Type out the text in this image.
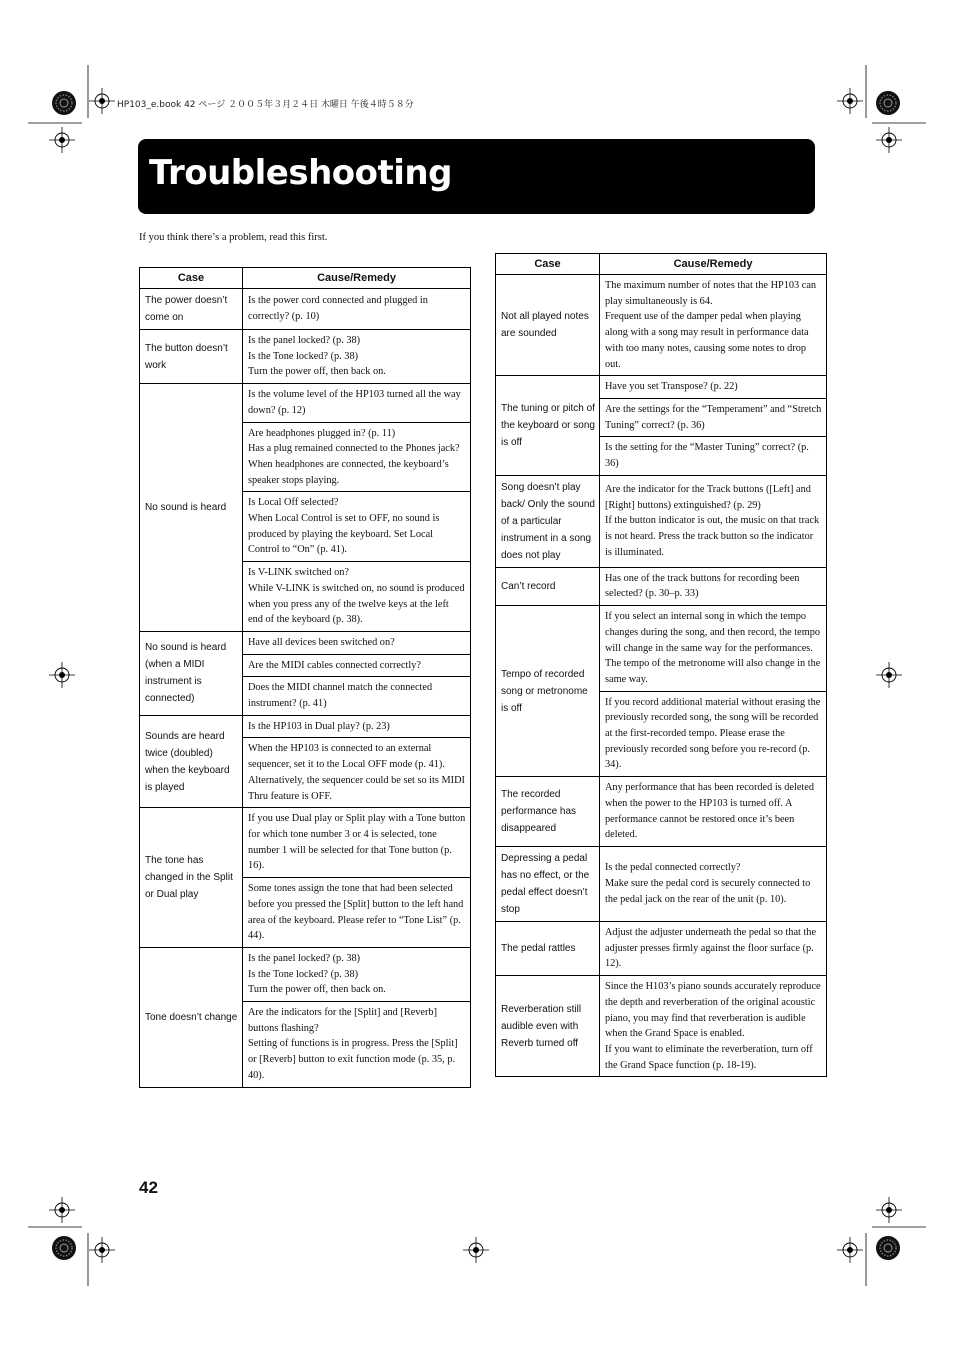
HP103_e.book 42 ページ ２００５年３月２４日 木曜日 午後４時５８分
Troubleshooting
If you think there’s a problem, read this first.
Case	Cause/Remedy
The power doesn’t come on	Is the power cord connected and plugged in correctly? (p. 10)
The button doesn’t work	Is the panel locked? (p. 38)
Is the Tone locked? (p. 38)
Turn the power off, then back on.
No sound is heard	Is the volume level of the HP103 turned all the way down? (p. 12)
	Are headphones plugged in? (p. 11)
Has a plug remained connected to the Phones jack?
When headphones are connected, the keyboard’s speaker stops playing.
	Is Local Off selected?
When Local Control is set to OFF, no sound is produced by playing the keyboard. Set Local Control to “On” (p. 41).
	Is V-LINK switched on?
While V-LINK is switched on, no sound is produced when you press any of the twelve keys at the left end of the keyboard (p. 38).
No sound is heard (when a MIDI instrument is connected)	Have all devices been switched on?
	Are the MIDI cables connected correctly?
	Does the MIDI channel match the connected instrument? (p. 41)
Sounds are heard twice (doubled) when the keyboard is played	Is the HP103 in Dual play? (p. 23)
	When the HP103 is connected to an external sequencer, set it to the Local OFF mode (p. 41). Alternatively, the sequencer could be set so its MIDI Thru feature is OFF.
The tone has changed in the Split or Dual play	If you use Dual play or Split play with a Tone button for which tone number 3 or 4 is selected, tone number 1 will be selected for that Tone button (p. 16).
	Some tones assign the tone that had been selected before you pressed the [Split] button to the left hand area of the keyboard. Please refer to “Tone List” (p. 44).
Tone doesn’t change	Is the panel locked? (p. 38)
Is the Tone locked? (p. 38)
Turn the power off, then back on.
	Are the indicators for the [Split] and [Reverb] buttons flashing?
Setting of functions is in progress. Press the [Split] or [Reverb] button to exit function mode (p. 35, p. 40).
Case	Cause/Remedy
Not all played notes are sounded	The maximum number of notes that the HP103 can play simultaneously is 64.
Frequent use of the damper pedal when playing along with a song may result in performance data with too many notes, causing some notes to drop out.
The tuning or pitch of the keyboard or song is off	Have you set Transpose? (p. 22)
	Are the settings for the “Temperament” and “Stretch Tuning” correct? (p. 36)
	Is the setting for the “Master Tuning” correct? (p. 36)
Song doesn’t play back/ Only the sound of a particular instrument in a song does not play	Are the indicator for the Track buttons ([Left] and [Right] buttons) extinguished? (p. 29)
If the button indicator is out, the music on that track is not heard. Press the track button so the indicator is illuminated.
Can’t record	Has one of the track buttons for recording been selected? (p. 30–p. 33)
Tempo of recorded song or metronome is off	If you select an internal song in which the tempo changes during the song, and then record, the tempo will change in the same way for the performances. The tempo of the metronome will also change in the same way.
	If you record additional material without erasing the previously recorded song, the song will be recorded at the first-recorded tempo. Please erase the previously recorded song before you re-record (p. 34).
The recorded performance has disappeared	Any performance that has been recorded is deleted when the power to the HP103 is turned off. A performance cannot be restored once it’s been deleted.
Depressing a pedal has no effect, or the pedal effect doesn’t stop	Is the pedal connected correctly?
Make sure the pedal cord is securely connected to the pedal jack on the rear of the unit (p. 10).
The pedal rattles	Adjust the adjuster underneath the pedal so that the adjuster presses firmly against the floor surface (p. 12).
Reverberation still audible even with Reverb turned off	Since the H103’s piano sounds accurately reproduce the depth and reverberation of the original acoustic piano, you may find that reverberation is audible when the Grand Space is enabled.
If you want to eliminate the reverberation, turn off the Grand Space function (p. 18-19).
42
